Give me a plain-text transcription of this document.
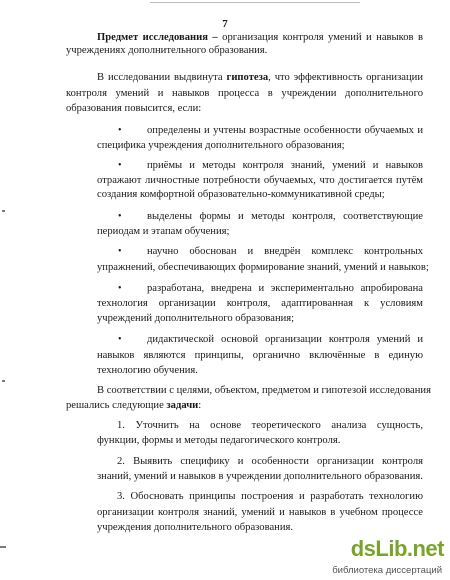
7
Предмет исследования – организация контроля умений и навыков в
учреждениях дополнительного образования.
В исследовании выдвинута гипотеза, что эффективность организации
контроля умений и навыков процесса в учреждении дополнительного
образования повысится, если:
определены и учтены возрастные особенности обучаемых и
специфика учреждения дополнительного образования;
приёмы и методы контроля знаний, умений и навыков
отражают личностные потребности обучаемых, что достигается путём
создания комфортной образовательно-коммуникативной среды;
выделены формы и методы контроля, соответствующие
периодам и этапам обучения;
научно обоснован и внедрён комплекс контрольных
упражнений, обеспечивающих формирование знаний, умений и навыков;
разработана, внедрена и экспериментально апробирована
технология организации контроля, адаптированная к условиям
учреждений дополнительного образования;
дидактической основой организации контроля умений и
навыков являются принципы, органично включённые в единую
технологию обучения.
В соответствии с целями, объектом, предметом и гипотезой исследования
решались следующие задачи:
1. Уточнить на основе теоретического анализа сущность,
функции, формы и методы педагогического контроля.
2. Выявить специфику и особенности организации контроля
знаний, умений и навыков в учреждении дополнительного образования.
3. Обосновать принципы построения и разработать технологию
организации контроля знаний, умений и навыков в учебном процессе
учреждения дополнительного образования.
•
•
•
•
•
•
dsLib.net
библиотека диссертаций
